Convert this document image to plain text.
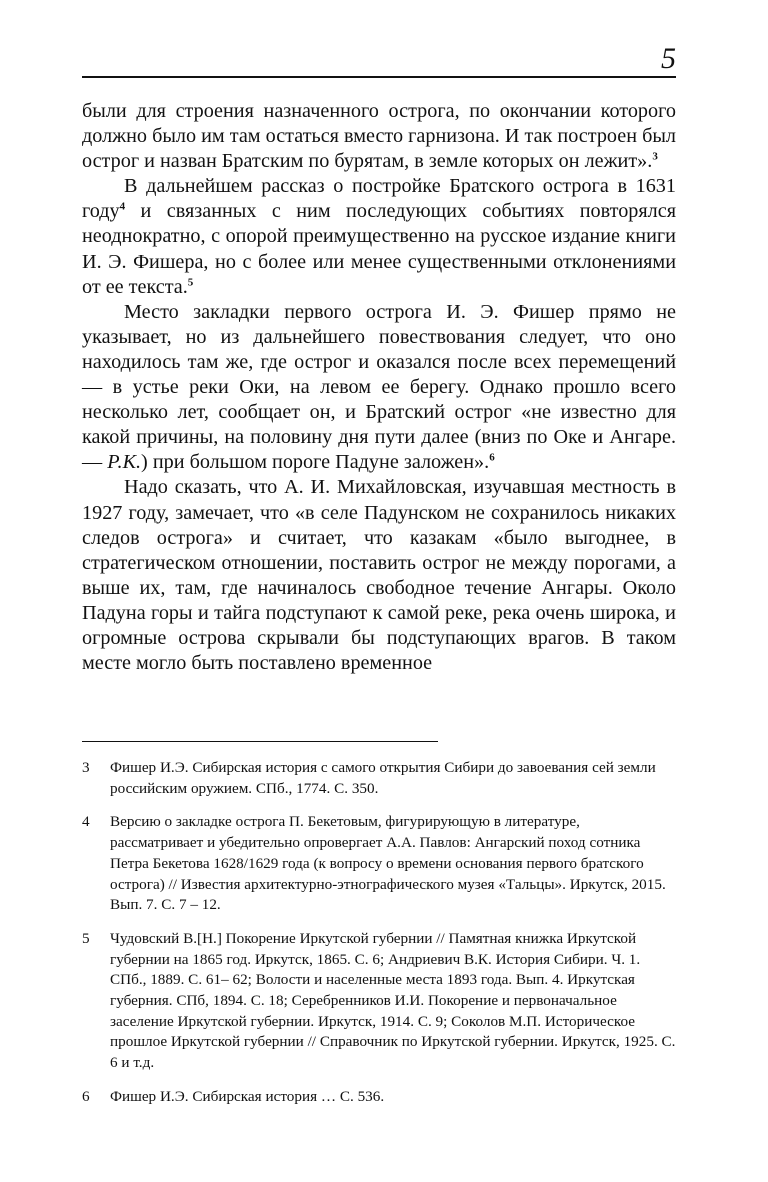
5

были для строения назначенного острога, по окончании которого должно было им там остаться вместо гарнизона. И так построен был острог и назван Братским по бурятам, в земле которых он лежит».$^3$

В дальнейшем рассказ о постройке Братского острога в 1631 году$^4$ и связанных с ним последующих событиях повторялся неоднократно, с опорой преимущественно на русское издание книги И. Э. Фишера, но с более или менее существенными отклонениями от ее текста.$^5$

Место закладки первого острога И. Э. Фишер прямо не указывает, но из дальнейшего повествования следует, что оно находилось там же, где острог и оказался после всех перемещений — в устье реки Оки, на левом ее берегу. Однако прошло всего несколько лет, сообщает он, и Братский острог «не известно для какой причины, на половину дня пути далее (вниз по Оке и Ангаре.— Р.К.) при большом пороге Падуне заложен».$^6$

Надо сказать, что А. И. Михайловская, изучавшая местность в 1927 году, замечает, что «в селе Падунском не сохранилось никаких следов острога» и считает, что казакам «было выгоднее, в стратегическом отношении, поставить острог не между порогами, а выше их, там, где начиналось свободное течение Ангары. Около Падуна горы и тайга подступают к самой реке, река очень широка, и огромные острова скрывали бы подступающих врагов. В таком месте могло быть поставлено временное

3	Фишер И.Э. Сибирская история с самого открытия Сибири до завоевания сей земли российским оружием. СПб., 1774. С. 350.
4	Версию о закладке острога П. Бекетовым, фигурирующую в литературе, рассматривает и убедительно опровергает А.А. Павлов: Ангарский поход сотника Петра Бекетова 1628/1629 года (к вопросу о времени основания первого братского острога) // Известия архитектурно-этнографического музея «Тальцы». Иркутск, 2015. Вып. 7. С. 7 – 12.
5	Чудовский В.[Н.] Покорение Иркутской губернии // Памятная книжка Иркутской губернии на 1865 год. Иркутск, 1865. С. 6; Андриевич В.К. История Сибири. Ч. 1. СПб., 1889. С. 61– 62; Волости и населенные места 1893 года. Вып. 4. Иркутская губерния. СПб, 1894. С. 18; Серебренников И.И. Покорение и первоначальное заселение Иркутской губернии. Иркутск, 1914. С. 9; Соколов М.П. Историческое прошлое Иркутской губернии // Справочник по Иркутской губернии. Иркутск, 1925. С. 6 и т.д.
6	Фишер И.Э. Сибирская история … С. 536.
